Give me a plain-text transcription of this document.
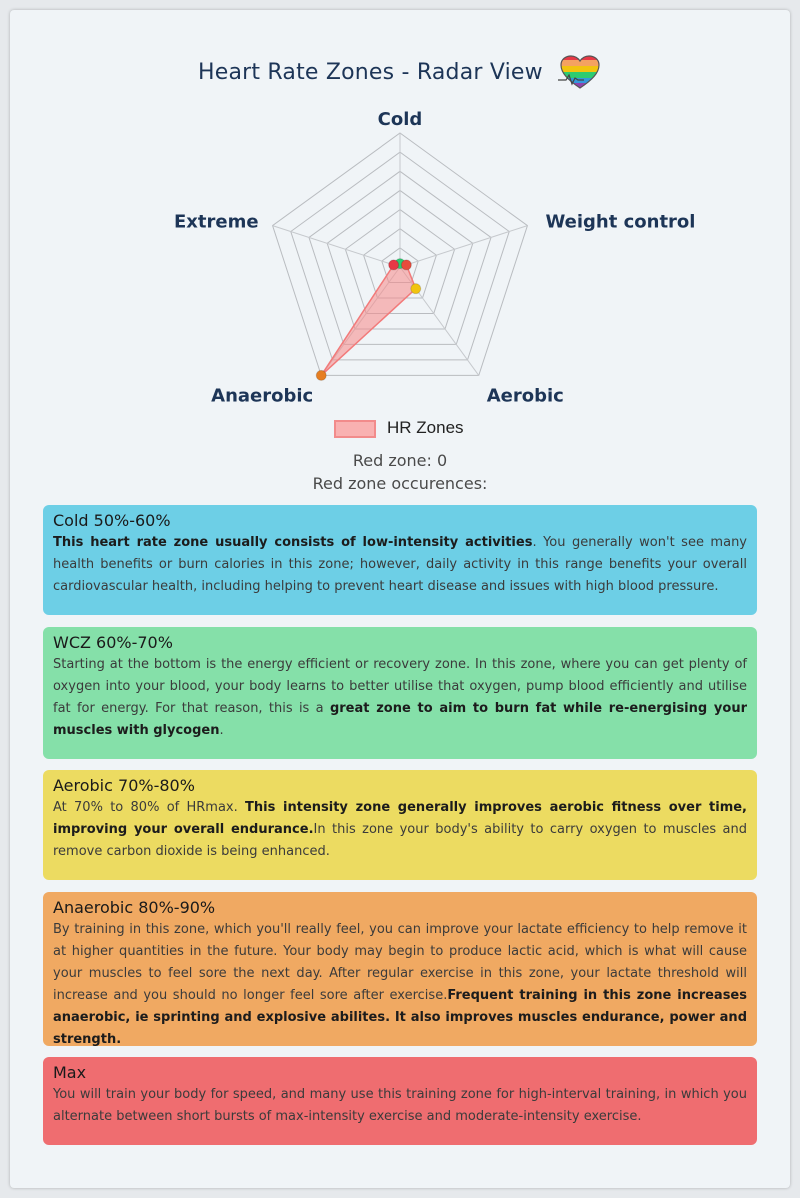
Heart Rate Zones - Radar View
Cold
Weight control
Aerobic
Anaerobic
Extreme
HR Zones
Red zone: 0
Red zone occurences:
Cold 50%-60%

This heart rate zone usually consists of low-intensity activities. You generally won't see many health benefits or burn calories in this zone; however, daily activity in this range benefits your overall cardiovascular health, including helping to prevent heart disease and issues with high blood pressure.

WCZ 60%-70%

Starting at the bottom is the energy efficient or recovery zone. In this zone, where you can get plenty of oxygen into your blood, your body learns to better utilise that oxygen, pump blood efficiently and utilise fat for energy. For that reason, this is a great zone to aim to burn fat while re-energising your muscles with glycogen.

Aerobic 70%-80%

At 70% to 80% of HRmax. This intensity zone generally improves aerobic fitness over time, improving your overall endurance.In this zone your body's ability to carry oxygen to muscles and remove carbon dioxide is being enhanced.

Anaerobic 80%-90%

By training in this zone, which you'll really feel, you can improve your lactate efficiency to help remove it at higher quantities in the future. Your body may begin to produce lactic acid, which is what will cause your muscles to feel sore the next day. After regular exercise in this zone, your lactate threshold will increase and you should no longer feel sore after exercise.Frequent training in this zone increases anaerobic, ie sprinting and explosive abilites. It also improves muscles endurance, power and strength.

Max

You will train your body for speed, and many use this training zone for high-interval training, in which you alternate between short bursts of max-intensity exercise and moderate-intensity exercise.
